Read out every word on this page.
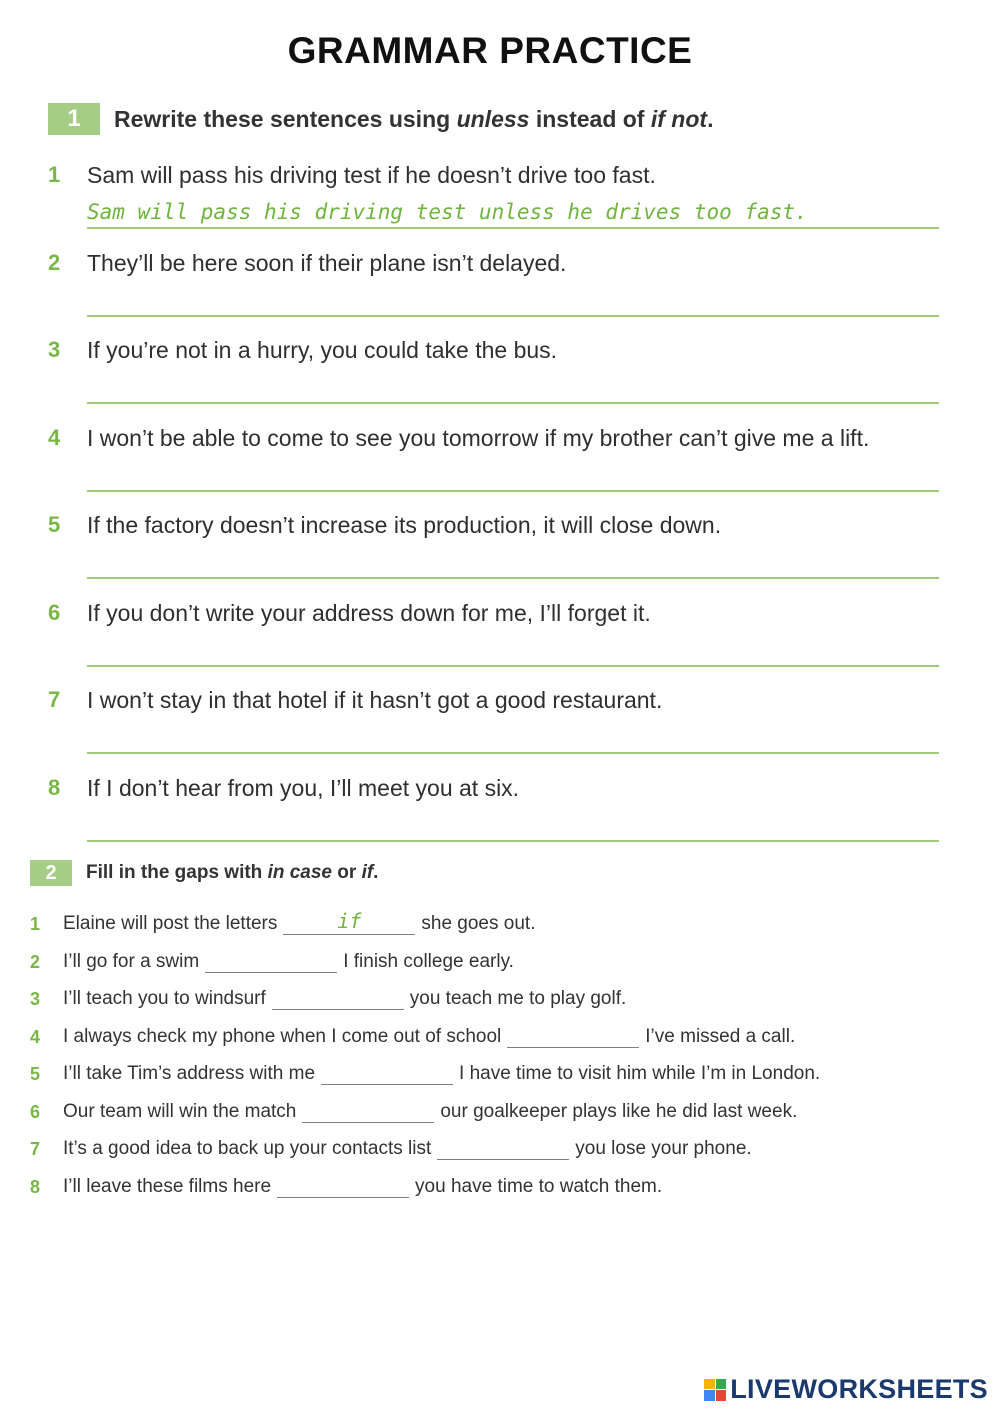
GRAMMAR PRACTICE
1	Rewrite these sentences using unless instead of if not.
1 Sam will pass his driving test if he doesn’t drive too fast.
Sam will pass his driving test unless he drives too fast.
2 They’ll be here soon if their plane isn’t delayed.
3 If you’re not in a hurry, you could take the bus.
4 I won’t be able to come to see you tomorrow if my brother can’t give me a lift.
5 If the factory doesn’t increase its production, it will close down.
6 If you don’t write your address down for me, I’ll forget it.
7 I won’t stay in that hotel if it hasn’t got a good restaurant.
8 If I don’t hear from you, I’ll meet you at six.
2	Fill in the gaps with in case or if.
1	Elaine will post the letters	if	she goes out.
2	I’ll go for a swim	I finish college early.
3	I’ll teach you to windsurf	you teach me to play golf.
4	I always check my phone when I come out of school	I’ve missed a call.
5	I’ll take Tim’s address with me	I have time to visit him while I’m in London.
6	Our team will win the match	our goalkeeper plays like he did last week.
7	It’s a good idea to back up your contacts list	you lose your phone.
8	I’ll leave these films here	you have time to watch them.
LIVEWORKSHEETS
